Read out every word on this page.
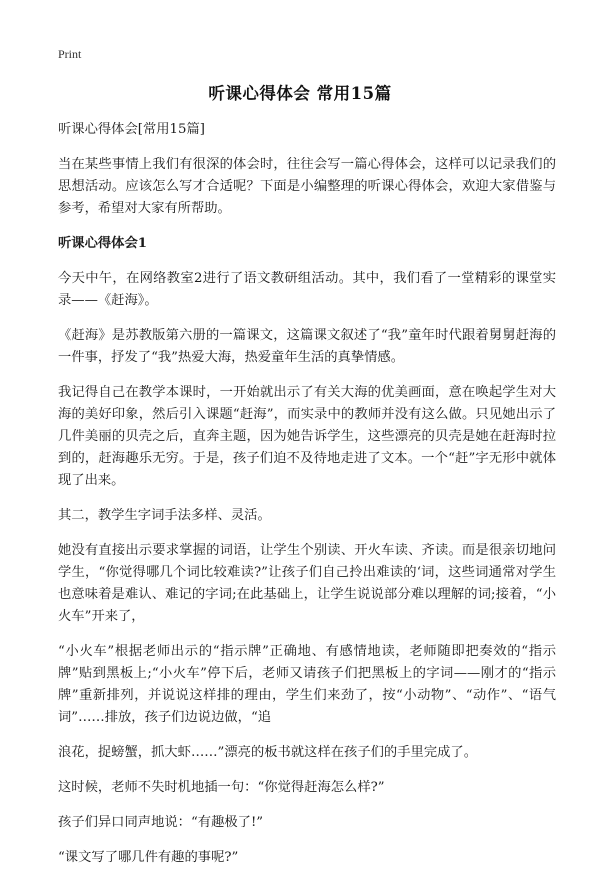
Print
听课心得体会 常用15篇
听课心得体会[常用15篇]
当在某些事情上我们有很深的体会时，往往会写一篇心得体会，这样可以记录我们的思想活动。应该怎么写才合适呢？下面是小编整理的听课心得体会，欢迎大家借鉴与参考，希望对大家有所帮助。
听课心得体会1
今天中午，在网络教室2进行了语文教研组活动。其中，我们看了一堂精彩的课堂实录——《赶海》。
《赶海》是苏教版第六册的一篇课文，这篇课文叙述了“我”童年时代跟着舅舅赶海的一件事，抒发了“我”热爱大海，热爱童年生活的真挚情感。
我记得自己在教学本课时，一开始就出示了有关大海的优美画面，意在唤起学生对大海的美好印象，然后引入课题“赶海”，而实录中的教师并没有这么做。只见她出示了几件美丽的贝壳之后，直奔主题，因为她告诉学生，这些漂亮的贝壳是她在赶海时拉到的，赶海趣乐无穷。于是，孩子们迫不及待地走进了文本。一个“赶”字无形中就体现了出来。
其二，教学生字词手法多样、灵活。
她没有直接出示要求掌握的词语，让学生个别读、开火车读、齐读。而是很亲切地问学生，“你觉得哪几个词比较难读?”让孩子们自己拎出难读的‘词，这些词通常对学生也意味着是难认、难记的字词;在此基础上，让学生说说部分难以理解的词;接着，“小火车”开来了，
“小火车”根据老师出示的“指示牌”正确地、有感情地读，老师随即把奏效的“指示牌”贴到黑板上;“小火车”停下后，老师又请孩子们把黑板上的字词——刚才的“指示牌”重新排列，并说说这样排的理由，学生们来劲了，按“小动物”、“动作”、“语气词”……排放，孩子们边说边做，“追
浪花，捉螃蟹，抓大虾……”漂亮的板书就这样在孩子们的手里完成了。
这时候，老师不失时机地插一句：“你觉得赶海怎么样?”
孩子们异口同声地说：“有趣极了!”
“课文写了哪几件有趣的事呢?”
